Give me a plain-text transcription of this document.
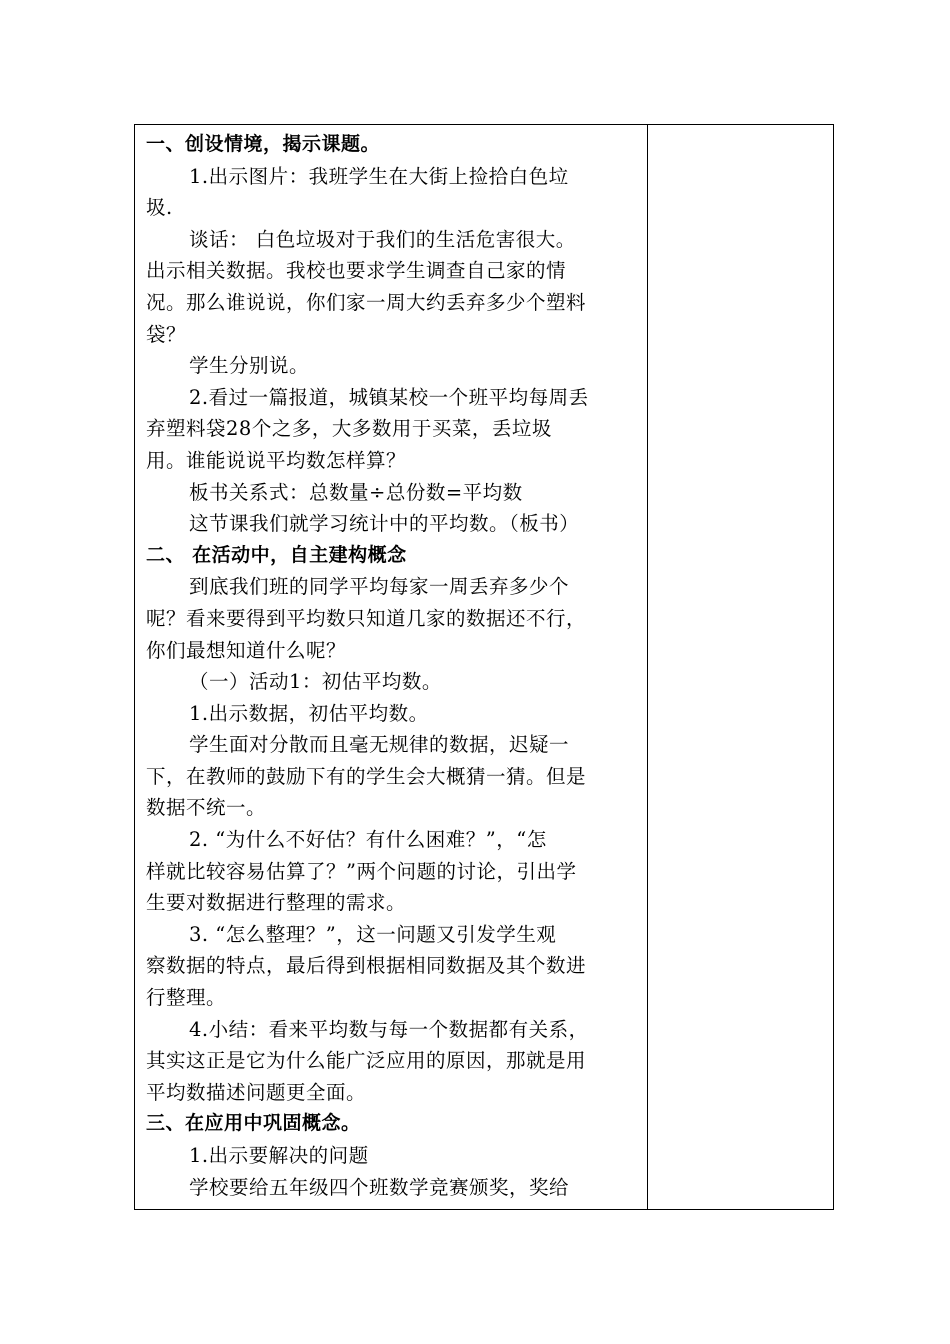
一、创设情境，揭示课题。
1.出示图片：我班学生在大街上捡拾白色垃
圾.
谈话： 白色垃圾对于我们的生活危害很大。
出示相关数据。我校也要求学生调查自己家的情
况。那么谁说说，你们家一周大约丢弃多少个塑料
袋？
学生分别说。
2.看过一篇报道，城镇某校一个班平均每周丢
弃塑料袋28个之多，大多数用于买菜，丢垃圾
用。谁能说说平均数怎样算？
板书关系式：总数量÷总份数=平均数
这节课我们就学习统计中的平均数。（板书）
二、 在活动中，自主建构概念
到底我们班的同学平均每家一周丢弃多少个
呢？看来要得到平均数只知道几家的数据还不行，
你们最想知道什么呢？
（一）活动1：初估平均数。
1.出示数据，初估平均数。
学生面对分散而且毫无规律的数据，迟疑一
下，在教师的鼓励下有的学生会大概猜一猜。但是
数据不统一。
2. “为什么不好估？有什么困难？”，“怎
样就比较容易估算了？”两个问题的讨论，引出学
生要对数据进行整理的需求。
3. “怎么整理？”，这一问题又引发学生观
察数据的特点，最后得到根据相同数据及其个数进
行整理。
4.小结：看来平均数与每一个数据都有关系，
其实这正是它为什么能广泛应用的原因，那就是用
平均数描述问题更全面。
三、在应用中巩固概念。
1.出示要解决的问题
学校要给五年级四个班数学竞赛颁奖，奖给
